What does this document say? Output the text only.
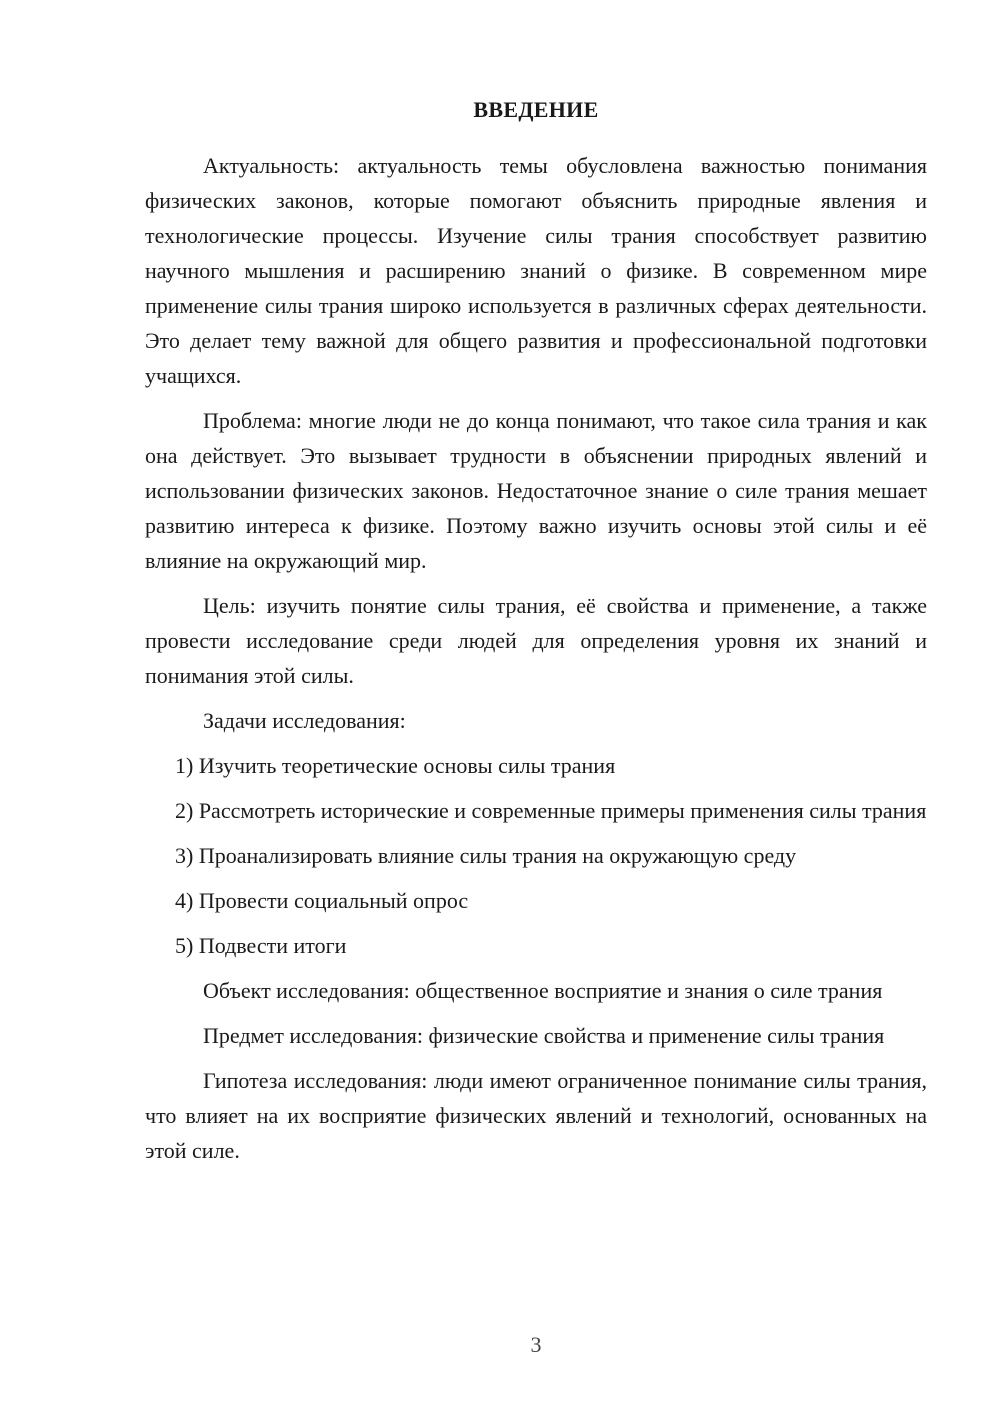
ВВЕДЕНИЕ

Актуальность: актуальность темы обусловлена важностью понимания физических законов, которые помогают объяснить природные явления и технологические процессы. Изучение силы трания способствует развитию научного мышления и расширению знаний о физике. В современном мире применение силы трания широко используется в различных сферах деятельности. Это делает тему важной для общего развития и профессиональной подготовки учащихся.

Проблема: многие люди не до конца понимают, что такое сила трания и как она действует. Это вызывает трудности в объяснении природных явлений и использовании физических законов. Недостаточное знание о силе трания мешает развитию интереса к физике. Поэтому важно изучить основы этой силы и её влияние на окружающий мир.

Цель: изучить понятие силы трания, её свойства и применение, а также провести исследование среди людей для определения уровня их знаний и понимания этой силы.

Задачи исследования:

1) Изучить теоретические основы силы трания

2) Рассмотреть исторические и современные примеры применения силы трания

3) Проанализировать влияние силы трания на окружающую среду

4) Провести социальный опрос

5) Подвести итоги

Объект исследования: общественное восприятие и знания о силе трания

Предмет исследования: физические свойства и применение силы трания

Гипотеза исследования: люди имеют ограниченное понимание силы трания, что влияет на их восприятие физических явлений и технологий, основанных на этой силе.

3
